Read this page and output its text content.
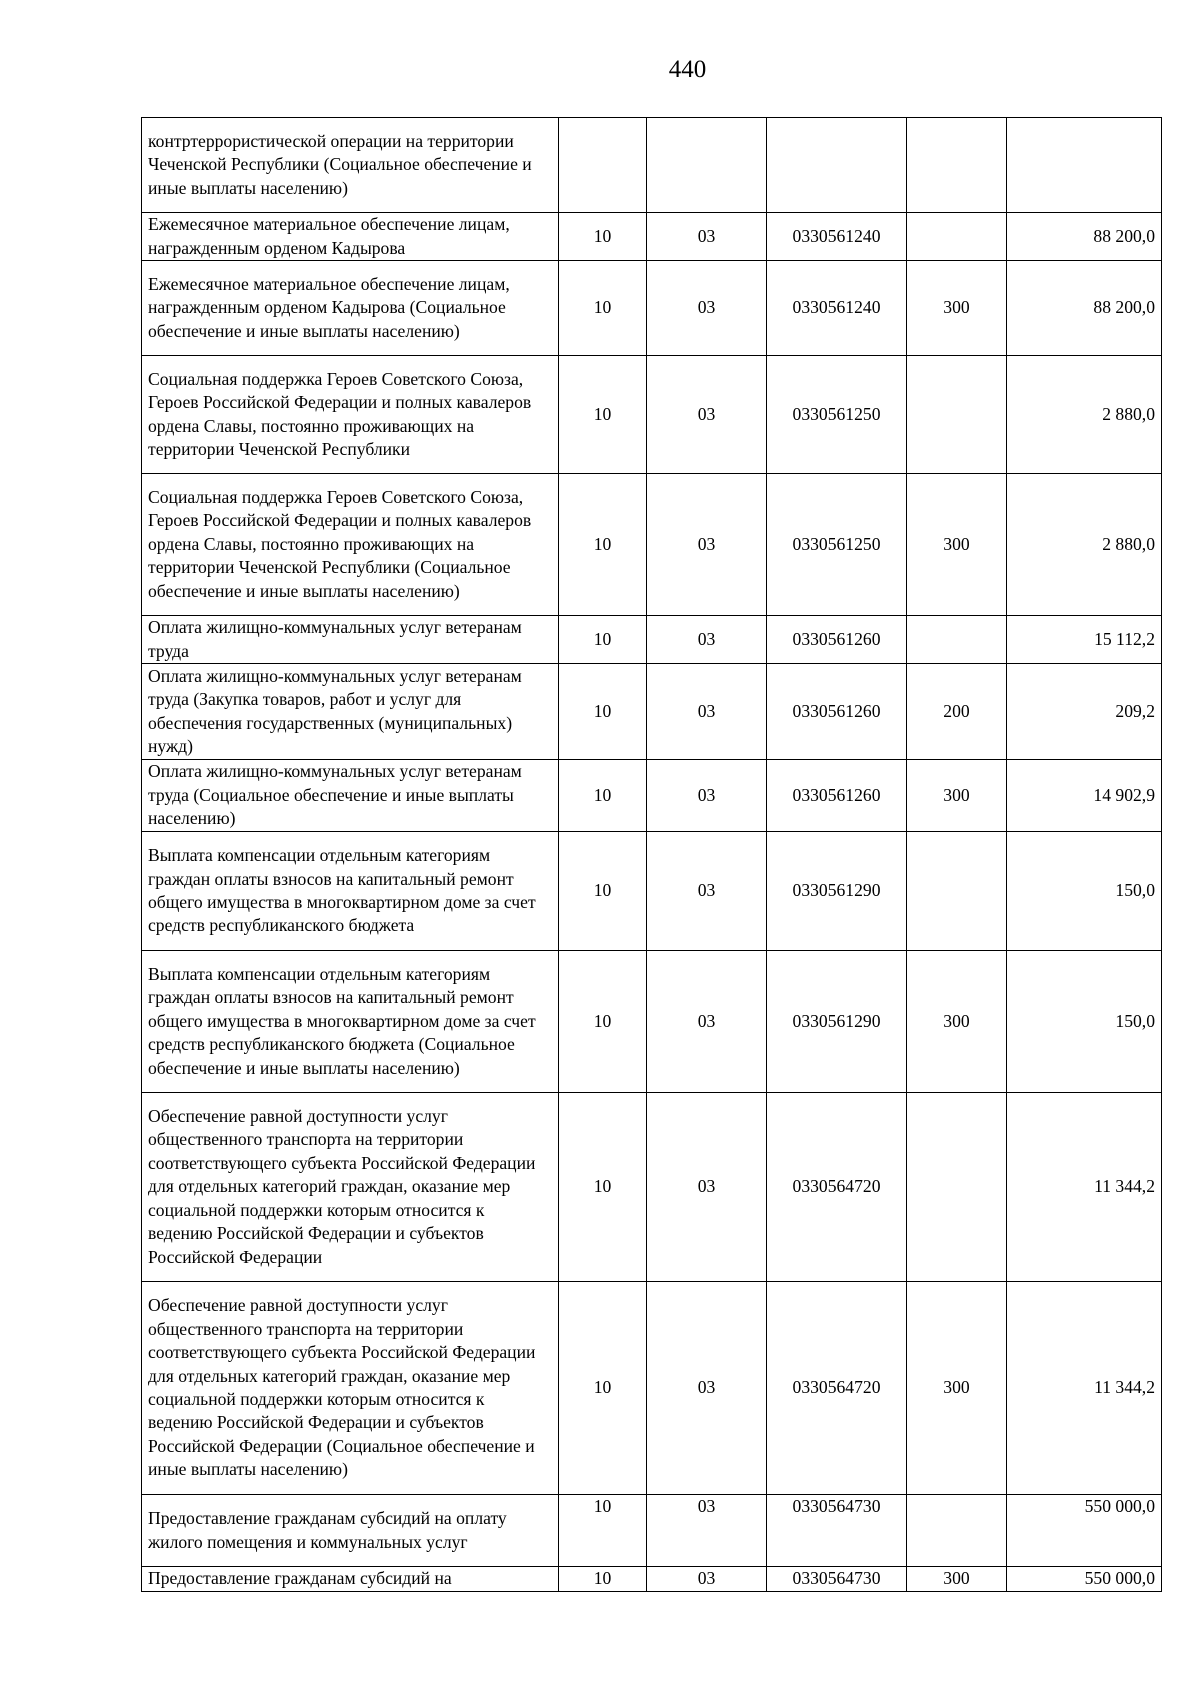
440
контртеррористической операции на территории Чеченской Республики (Социальное обеспечение и иные выплаты населению)					
Ежемесячное материальное обеспечение лицам, награжденным орденом Кадырова	10	03	0330561240		88 200,0
Ежемесячное материальное обеспечение лицам, награжденным орденом Кадырова (Социальное обеспечение и иные выплаты населению)	10	03	0330561240	300	88 200,0
Социальная поддержка Героев Советского Союза, Героев Российской Федерации и полных кавалеров ордена Славы, постоянно проживающих на территории Чеченской Республики	10	03	0330561250		2 880,0
Социальная поддержка Героев Советского Союза, Героев Российской Федерации и полных кавалеров ордена Славы, постоянно проживающих на территории Чеченской Республики (Социальное обеспечение и иные выплаты населению)	10	03	0330561250	300	2 880,0
Оплата жилищно-коммунальных услуг ветеранам труда	10	03	0330561260		15 112,2
Оплата жилищно-коммунальных услуг ветеранам труда (Закупка товаров, работ и услуг для обеспечения государственных (муниципальных) нужд)	10	03	0330561260	200	209,2
Оплата жилищно-коммунальных услуг ветеранам труда (Социальное обеспечение и иные выплаты населению)	10	03	0330561260	300	14 902,9
Выплата компенсации отдельным категориям граждан оплаты взносов на капитальный ремонт общего имущества в многоквартирном доме за счет средств республиканского бюджета	10	03	0330561290		150,0
Выплата компенсации отдельным категориям граждан оплаты взносов на капитальный ремонт общего имущества в многоквартирном доме за счет средств республиканского бюджета (Социальное обеспечение и иные выплаты населению)	10	03	0330561290	300	150,0
Обеспечение равной доступности услуг общественного транспорта на территории соответствующего субъекта Российской Федерации для отдельных категорий граждан, оказание мер социальной поддержки которым относится к ведению Российской Федерации и субъектов Российской Федерации	10	03	0330564720		11 344,2
Обеспечение равной доступности услуг общественного транспорта на территории соответствующего субъекта Российской Федерации для отдельных категорий граждан, оказание мер социальной поддержки которым относится к ведению Российской Федерации и субъектов Российской Федерации (Социальное обеспечение и иные выплаты населению)	10	03	0330564720	300	11 344,2
Предоставление гражданам субсидий на оплату жилого помещения и коммунальных услуг	10	03	0330564730		550 000,0
Предоставление гражданам субсидий на	10	03	0330564730	300	550 000,0
